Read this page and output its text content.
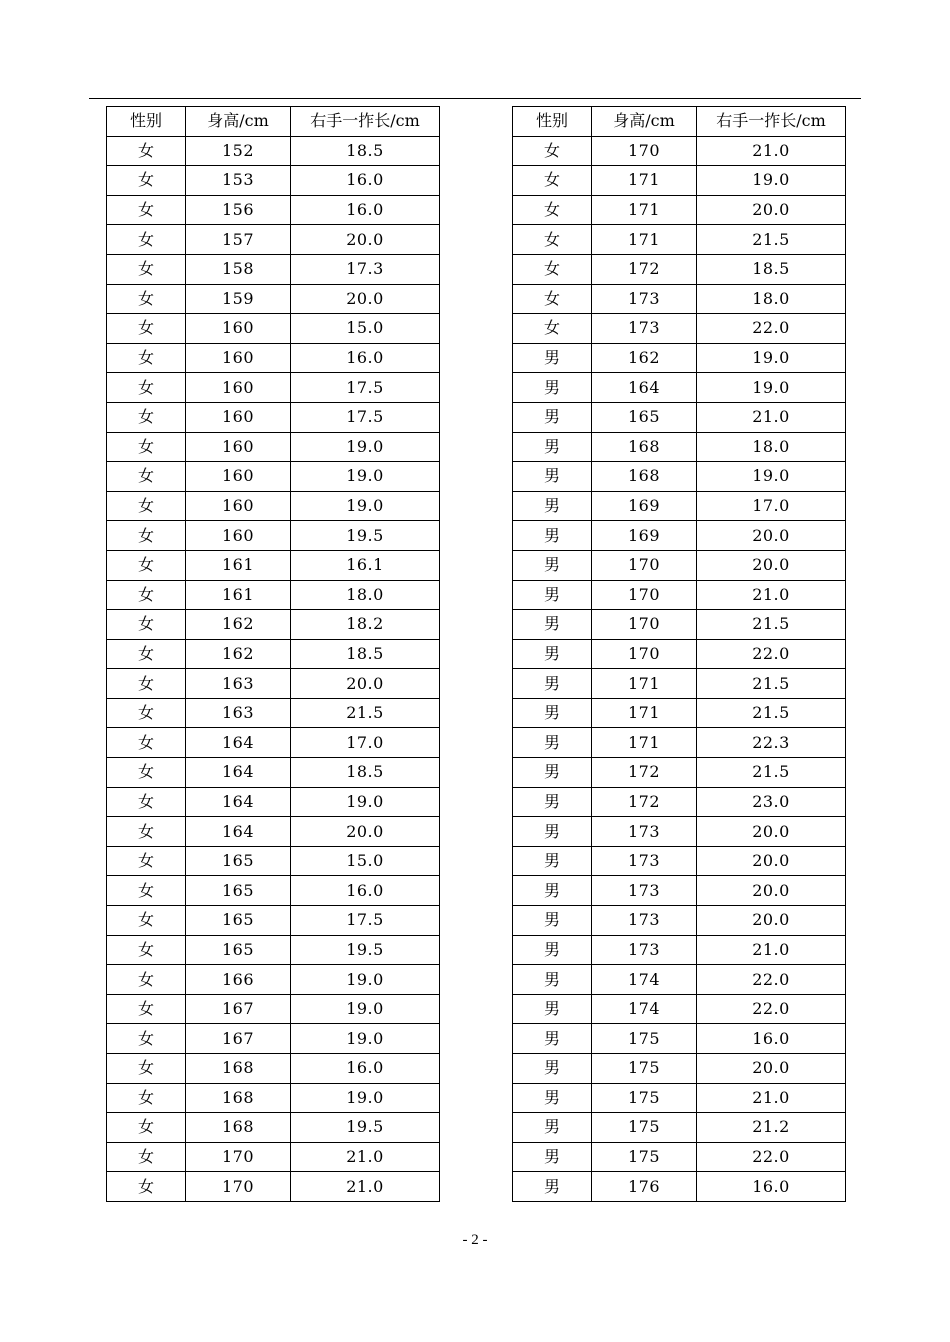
性别	身高/cm	右手一拃长/cm
女	152	18.5
女	153	16.0
女	156	16.0
女	157	20.0
女	158	17.3
女	159	20.0
女	160	15.0
女	160	16.0
女	160	17.5
女	160	17.5
女	160	19.0
女	160	19.0
女	160	19.0
女	160	19.5
女	161	16.1
女	161	18.0
女	162	18.2
女	162	18.5
女	163	20.0
女	163	21.5
女	164	17.0
女	164	18.5
女	164	19.0
女	164	20.0
女	165	15.0
女	165	16.0
女	165	17.5
女	165	19.5
女	166	19.0
女	167	19.0
女	167	19.0
女	168	16.0
女	168	19.0
女	168	19.5
女	170	21.0
女	170	21.0
性别	身高/cm	右手一拃长/cm
女	170	21.0
女	171	19.0
女	171	20.0
女	171	21.5
女	172	18.5
女	173	18.0
女	173	22.0
男	162	19.0
男	164	19.0
男	165	21.0
男	168	18.0
男	168	19.0
男	169	17.0
男	169	20.0
男	170	20.0
男	170	21.0
男	170	21.5
男	170	22.0
男	171	21.5
男	171	21.5
男	171	22.3
男	172	21.5
男	172	23.0
男	173	20.0
男	173	20.0
男	173	20.0
男	173	20.0
男	173	21.0
男	174	22.0
男	174	22.0
男	175	16.0
男	175	20.0
男	175	21.0
男	175	21.2
男	175	22.0
男	176	16.0
- 2 -
